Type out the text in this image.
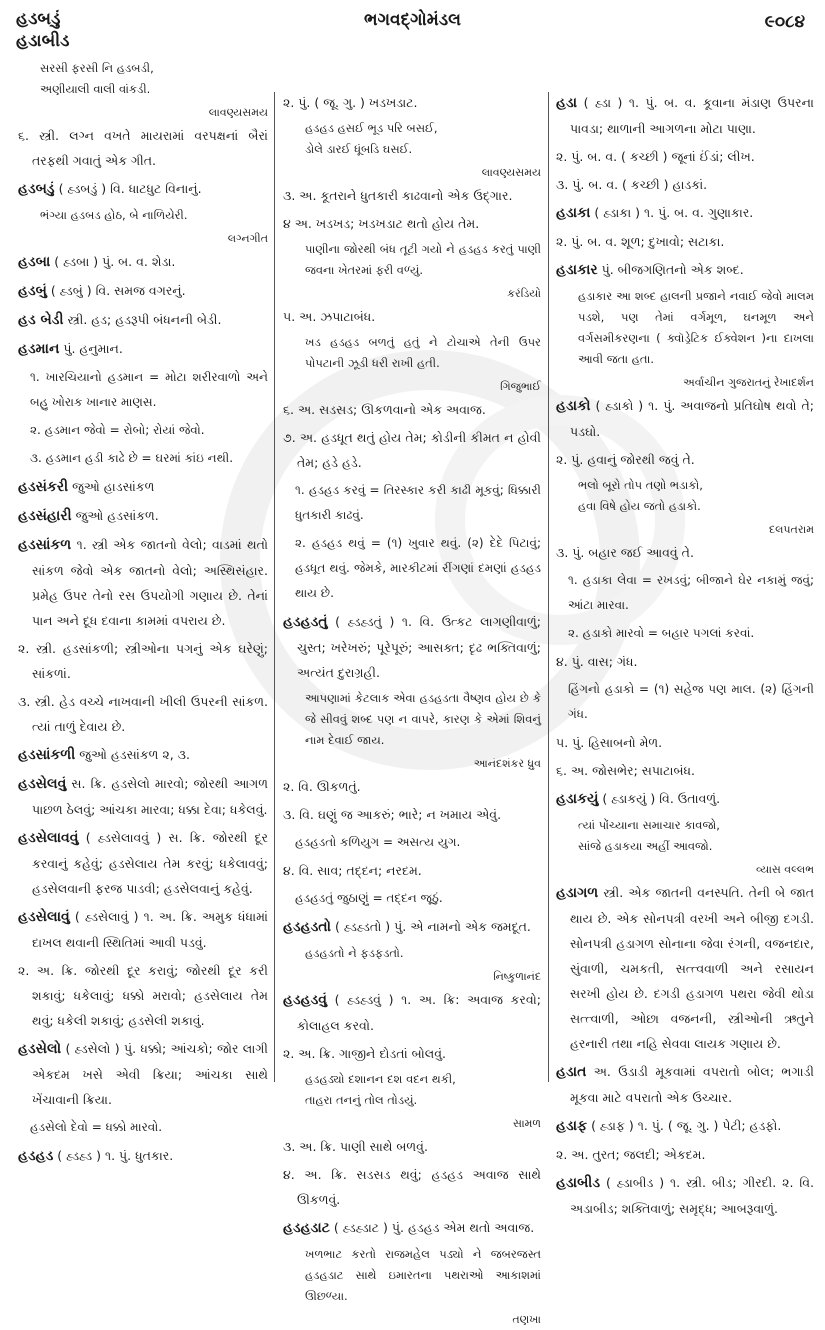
હડબડું
હડાબીડ
ભગવદ્ગોમંડલ	૯૦૮૪
સરસી ફરસી નિ હડબડી,
અણીયાલી વાલી વાંકડી.
લાવણ્યસમય
૬. સ્ત્રી. લગ્ન વખતે માયરામાં વરપક્ષનાં બૈરાં તરફથી ગવાતું એક ગીત.
હડબડું ( હ્ડબડું ) વિ. ધાટધુટ વિનાનું.
ભંગ્યા હડબડ હોઠ, બે નાળિયેરી.
લગ્નગીત
હડબા ( હ્ડબા ) પું. બ. વ. શેડા.
હડબું ( હ્ડબું ) વિ. સમજ વગરનું.
હડ બેડી સ્ત્રી. હડ; હડરૂપી બંધનની બેડી.
હડમાન પું. હનુમાન.
૧. ખારચિયાનો હડમાન = મોટા શરીરવાળો અને બહુ ખોરાક ખાનાર માણસ.
૨. હડમાન જેવો = રોબો; રોયાં જેવો.
૩. હડમાન હડી કાઢે છે = ઘરમાં કાંઇ નથી.
હડસંકરી જુઓ હાડસાંકળ
હડસંહારી જુઓ હડસાંકળ.
હડસાંકળ ૧. સ્ત્રી એક જાતનો વેલો; વાડમાં થતો સાંકળ જેવો એક જાતનો વેલો; અસ્થિસંહાર. પ્રમેહ ઉપર તેનો રસ ઉપયોગી ગણાય છે. તેનાં પાન અને દૂધ દવાના કામમાં વપરાય છે.
૨. સ્ત્રી. હડસાંકળી; સ્ત્રીઓના પગનું એક ઘરેણું; સાંકળાં.
૩. સ્ત્રી. હેડ વચ્ચે નાખવાની ખીલી ઉપરની સાંકળ. ત્યાં તાળું દેવાય છે.
હડસાંકળી જુઓ હડસાંકળ ૨, ૩.
હડસેલવું સ. ક્રિ. હડસેલો મારવો; જોરથી આગળ પાછળ ઠેલવું; આંચકા મારવા; ધક્કા દેવા; ધકેલવું.
હડસેલાવવું ( હ્ડસેલાવવું ) સ. ક્રિ. જોરથી દૂર કરવાનું કહેવું; હડસેલાય તેમ કરવું; ધકેલાવવું; હડસેલવાની ફરજ પાડવી; હડસેલવાનું કહેવું.
હડસેલાવું ( હ્ડસેલાવું ) ૧. અ. ક્રિ. અમુક ધંધામાં દાખલ થવાની સ્થિતિમાં આવી પડવું.
૨. અ. ક્રિ. જોરથી દૂર કરાવું; જોરથી દૂર કરી શકાવું; ધકેલાવું; ધક્કો મરાવો; હડસેલાય તેમ થવું; ધકેલી શકાવું; હડસેલી શકાવું.
હડસેલો ( હ્ડસેલો ) પું. ધક્કો; આંચકો; જોર લાગી એકદમ ખસે એવી ક્રિયા; આંચકા સાથે ખેંચાવાની ક્રિયા.
હડસેલો દેવો = ધક્કો મારવો.
હડહડ ( હ્ડહ્ડ ) ૧. પું. ધુતકાર.
૨. પું. ( જૂ. ગુ. ) ખડખડાટ.
હડહડ હસઈ ભૂડ પરિ બસઈ,
ડોલે ડારઈ ધૂંબડિ ઘસઈ.
લાવણ્યસમય
૩. અ. કૂતરાને ધુતકારી કાઢવાનો એક ઉદ્ગાર.
૪ અ. ખડખડ; ખડખડાટ થતો હોય તેમ.
પાણીના જોરથી બંધ તૂટી ગયો ને હડહડ કરતું પાણી જવના ખેતરમાં ફરી વળ્યું.
કરંડિયો
૫. અ. ઝપાટાબંધ.
ખડ હડહડ બળતું હતું ને ટોચાએ તેની ઉપર પોપટાની ઝૂડી ધરી રાખી હતી.
ગિજુભાઈ
૬. અ. સડસડ; ઊકળવાનો એક અવાજ.
૭. અ. હડધૂત થતું હોય તેમ; કોડીની કીમત ન હોવી તેમ; હડે હડે.
૧. હડહડ કરવું = તિરસ્કાર કરી કાઢી મૂકવું; ધિક્કારી ધુતકારી કાઢવું.
૨. હડહડ થવું = (૧) ખુવાર થવું. (૨) દેદે પિટાવું; હડધૂત થવું. જેમકે, મારકીટમાં રીંગણાં દમણાં હડહડ થાય છે.
હડહડતું ( હ્ડહ્ડતું ) ૧. વિ. ઉત્કટ લાગણીવાળું; ચુસ્ત; ખરેખરું; પૂરેપૂરું; આસક્ત; દૃઢ ભક્તિવાળું; અત્યંત દુરાગ્રહી.
આપણામાં કેટલાક એવા હડહડતા વૈષ્ણવ હોય છે કે જે સીવવું શબ્દ પણ ન વાપરે, કારણ કે એમાં શિવનું નામ દેવાઈ જાય.
આનંદશંકર ધ્રુવ
૨. વિ. ઊકળતું.
૩. વિ. ઘણું જ આકરું; ભારે; ન ખમાય એવું.
હડહડતો કળિયુગ = અસત્ય યુગ.
૪. વિ. સાવ; તદ્દન; નરદમ.
હડહડતું જુઠાણું = તદ્દન જૂઠું.
હડહડતો ( હ્ડહ્ડતો ) પું. એ નામનો એક જમદૂત.
હડહડતો ને ફડફડતો.
નિષ્કુળાનંદ
હડહડવું ( હ્ડહ્ડવું ) ૧. અ. ક્રિ: અવાજ કરવો; કોલાહલ કરવો.
૨. અ. ક્રિ. ગાજીને દોડતાં બોલવું.
હડહડ્યો દશાનન દશ વદન થકી,
તાહરા તનનું તોલ તોડયું.
સામળ
૩. અ. ક્રિ. પાણી સાથે બળવું.
૪. અ. ક્રિ. સડસડ થવું; હડહડ અવાજ સાથે ઊકળવું.
હડહડાટ ( હ્ડહ્ડાટ ) પું. હડહડ એમ થતો અવાજ.
ખળભાટ કરતો રાજમહેલ પડ્યો ને જબરજસ્ત હડહડાટ સાથે ઇમારતના પથરાઓ આકાશમાં ઊછળ્યા.
તણખા
હડા ( હ્ડા ) ૧. પું. બ. વ. કૂવાના મંડાણ ઉપરના પાવડા; થાળાની આગળના મોટા પાણા.
૨. પું. બ. વ. ( કચ્છી ) જૂનાં ઈંડાં; લીખ.
૩. પું. બ. વ. ( કચ્છી ) હાડકાં.
હડાકા ( હ્ડાકા ) ૧. પું. બ. વ. ગુણાકાર.
૨. પું. બ. વ. શૂળ; દુખાવો; સટાકા.
હડાકાર પું. બીજગણિતનો એક શબ્દ.
હડાકાર આ શબ્દ હાલની પ્રજાને નવાઈ જેવો માલમ પડશે, પણ તેમાં વર્ગમૂળ, ઘનમૂળ અને વર્ગસમીકરણના ( ક્વૉડ્રેટિક ઈક્વેશન )ના દાખલા આવી જતા હતા.
અર્વાચીન ગુજરાતનું રેખાદર્શન
હડાકો ( હ્ડાકો ) ૧. પું. અવાજનો પ્રતિઘોષ થવો તે; પડઘો.
૨. પું. હવાનું જોરથી જવું તે.
ભલો બૂરો તોપ તણો ભડાકો,
હવા વિષે હોય જતો હડાકો.
દલપતરામ
૩. પું. બહાર જઈ આવવું તે.
૧. હડાકા લેવા = રખડવું; બીજાને ઘેર નકામું જવું; આંટા મારવા.
૨. હડાકો મારવો = બહાર પગલાં કરવાં.
૪. પું. વાસ; ગંધ.
હિંગનો હડાકો = (૧) સહેજ પણ માલ. (૨) હિંગની ગંધ.
૫. પું. હિસાબનો મેળ.
૬. અ. જોસભેર; સપાટાબંધ.
હડાકયું ( હ્ડાકયું ) વિ. ઉતાવળું.
ત્યાં પોંચ્યાના સમાચાર કાવજો,
સાંજે હડાકયા અહીં આવજો.
વ્યાસ વલ્લભ
હડાગળ સ્ત્રી. એક જાતની વનસ્પતિ. તેની બે જાત થાય છે. એક સોનપત્રી વરખી અને બીજી દગડી. સોનપત્રી હડાગળ સોનાના જેવા રંગની, વજનદાર, સુંવાળી, ચમકતી, સત્ત્વવાળી અને રસાયન સરખી હોય છે. દગડી હડાગળ પથરા જેવી થોડા સત્ત્વાળી, ઓછા વજનની, સ્ત્રીઓની ઋતુને હરનારી તથા નહિ સેવવા લાયક ગણાય છે.
હડાત અ. ઉડાડી મૂકવામાં વપરાતો બોલ; ભગાડી મૂકવા માટે વપરાતો એક ઉચ્ચાર.
હડાફ ( હ્ડાફ ) ૧. પું. ( જૂ. ગુ. ) પેટી; હડફો.
૨. અ. તુરત; જલદી; એકદમ.
હડાબીડ ( હ્ડાબીડ ) ૧. સ્ત્રી. બીડ; ગીરદી. ૨. વિ. અડાબીડ; શક્તિવાળું; સમૃદ્ધ; આબરૂવાળું.
